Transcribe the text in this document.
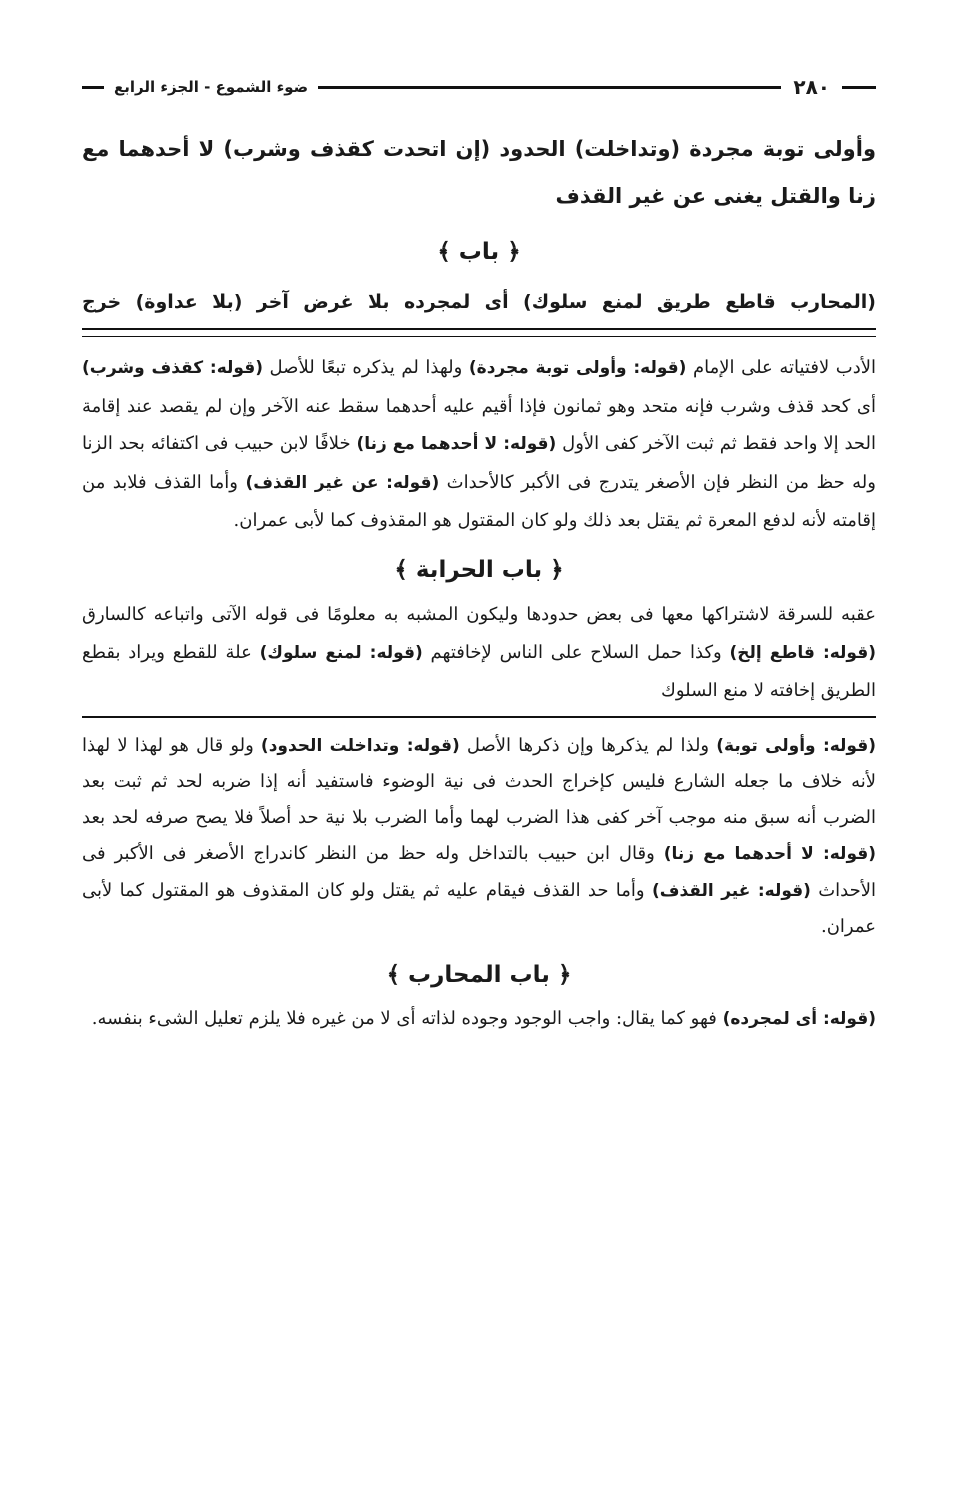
٢٨٠
ضوء الشموع - الجزء الرابع
وأولى توبة مجردة (وتداخلت) الحدود (إن اتحدت كقذف وشرب) لا أحدهما مع زنا والقتل يغنى عن غير القذف
﴿ باب ﴾
(المحارب قاطع طريق لمنع سلوك) أى لمجرده بلا غرض آخر (بلا عداوة) خرج

الأدب لافتياته على الإمام (قوله: وأولى توبة مجردة) ولهذا لم يذكره تبعًا للأصل (قوله: كقذف وشرب) أى كحد قذف وشرب فإنه متحد وهو ثمانون فإذا أقيم عليه أحدهما سقط عنه الآخر وإن لم يقصد عند إقامة الحد إلا واحد فقط ثم ثبت الآخر كفى الأول (قوله: لا أحدهما مع زنا) خلافًا لابن حبيب فى اكتفائه بحد الزنا وله حظ من النظر فإن الأصغر يتدرج فى الأكبر كالأحداث (قوله: عن غير القذف) وأما القذف فلابد من إقامته لأنه لدفع المعرة ثم يقتل بعد ذلك ولو كان المقتول هو المقذوف كما لأبى عمران.

﴿ باب الحرابة ﴾

عقبه للسرقة لاشتراكها معها فى بعض حدودها وليكون المشبه به معلومًا فى قوله الآتى واتباعه كالسارق (قوله: قاطع إلخ) وكذا حمل السلاح على الناس لإخافتهم (قوله: لمنع سلوك) علة للقطع ويراد بقطع الطريق إخافته لا منع السلوك

(قوله: وأولى توبة) ولذا لم يذكرها وإن ذكرها الأصل (قوله: وتداخلت الحدود) ولو قال هو لهذا لا لهذا لأنه خلاف ما جعله الشارع فليس كإخراج الحدث فى نية الوضوء فاستفيد أنه إذا ضربه لحد ثم ثبت بعد الضرب أنه سبق منه موجب آخر كفى هذا الضرب لهما وأما الضرب بلا نية حد أصلاً فلا يصح صرفه لحد بعد (قوله: لا أحدهما مع زنا) وقال ابن حبيب بالتداخل وله حظ من النظر كاندراج الأصغر فى الأكبر فى الأحداث (قوله: غير القذف) وأما حد القذف فيقام عليه ثم يقتل ولو كان المقذوف هو المقتول كما لأبى عمران.

﴿ باب المحارب ﴾

(قوله: أى لمجرده) فهو كما يقال: واجب الوجود وجوده لذاته أى لا من غيره فلا يلزم تعليل الشىء بنفسه.
